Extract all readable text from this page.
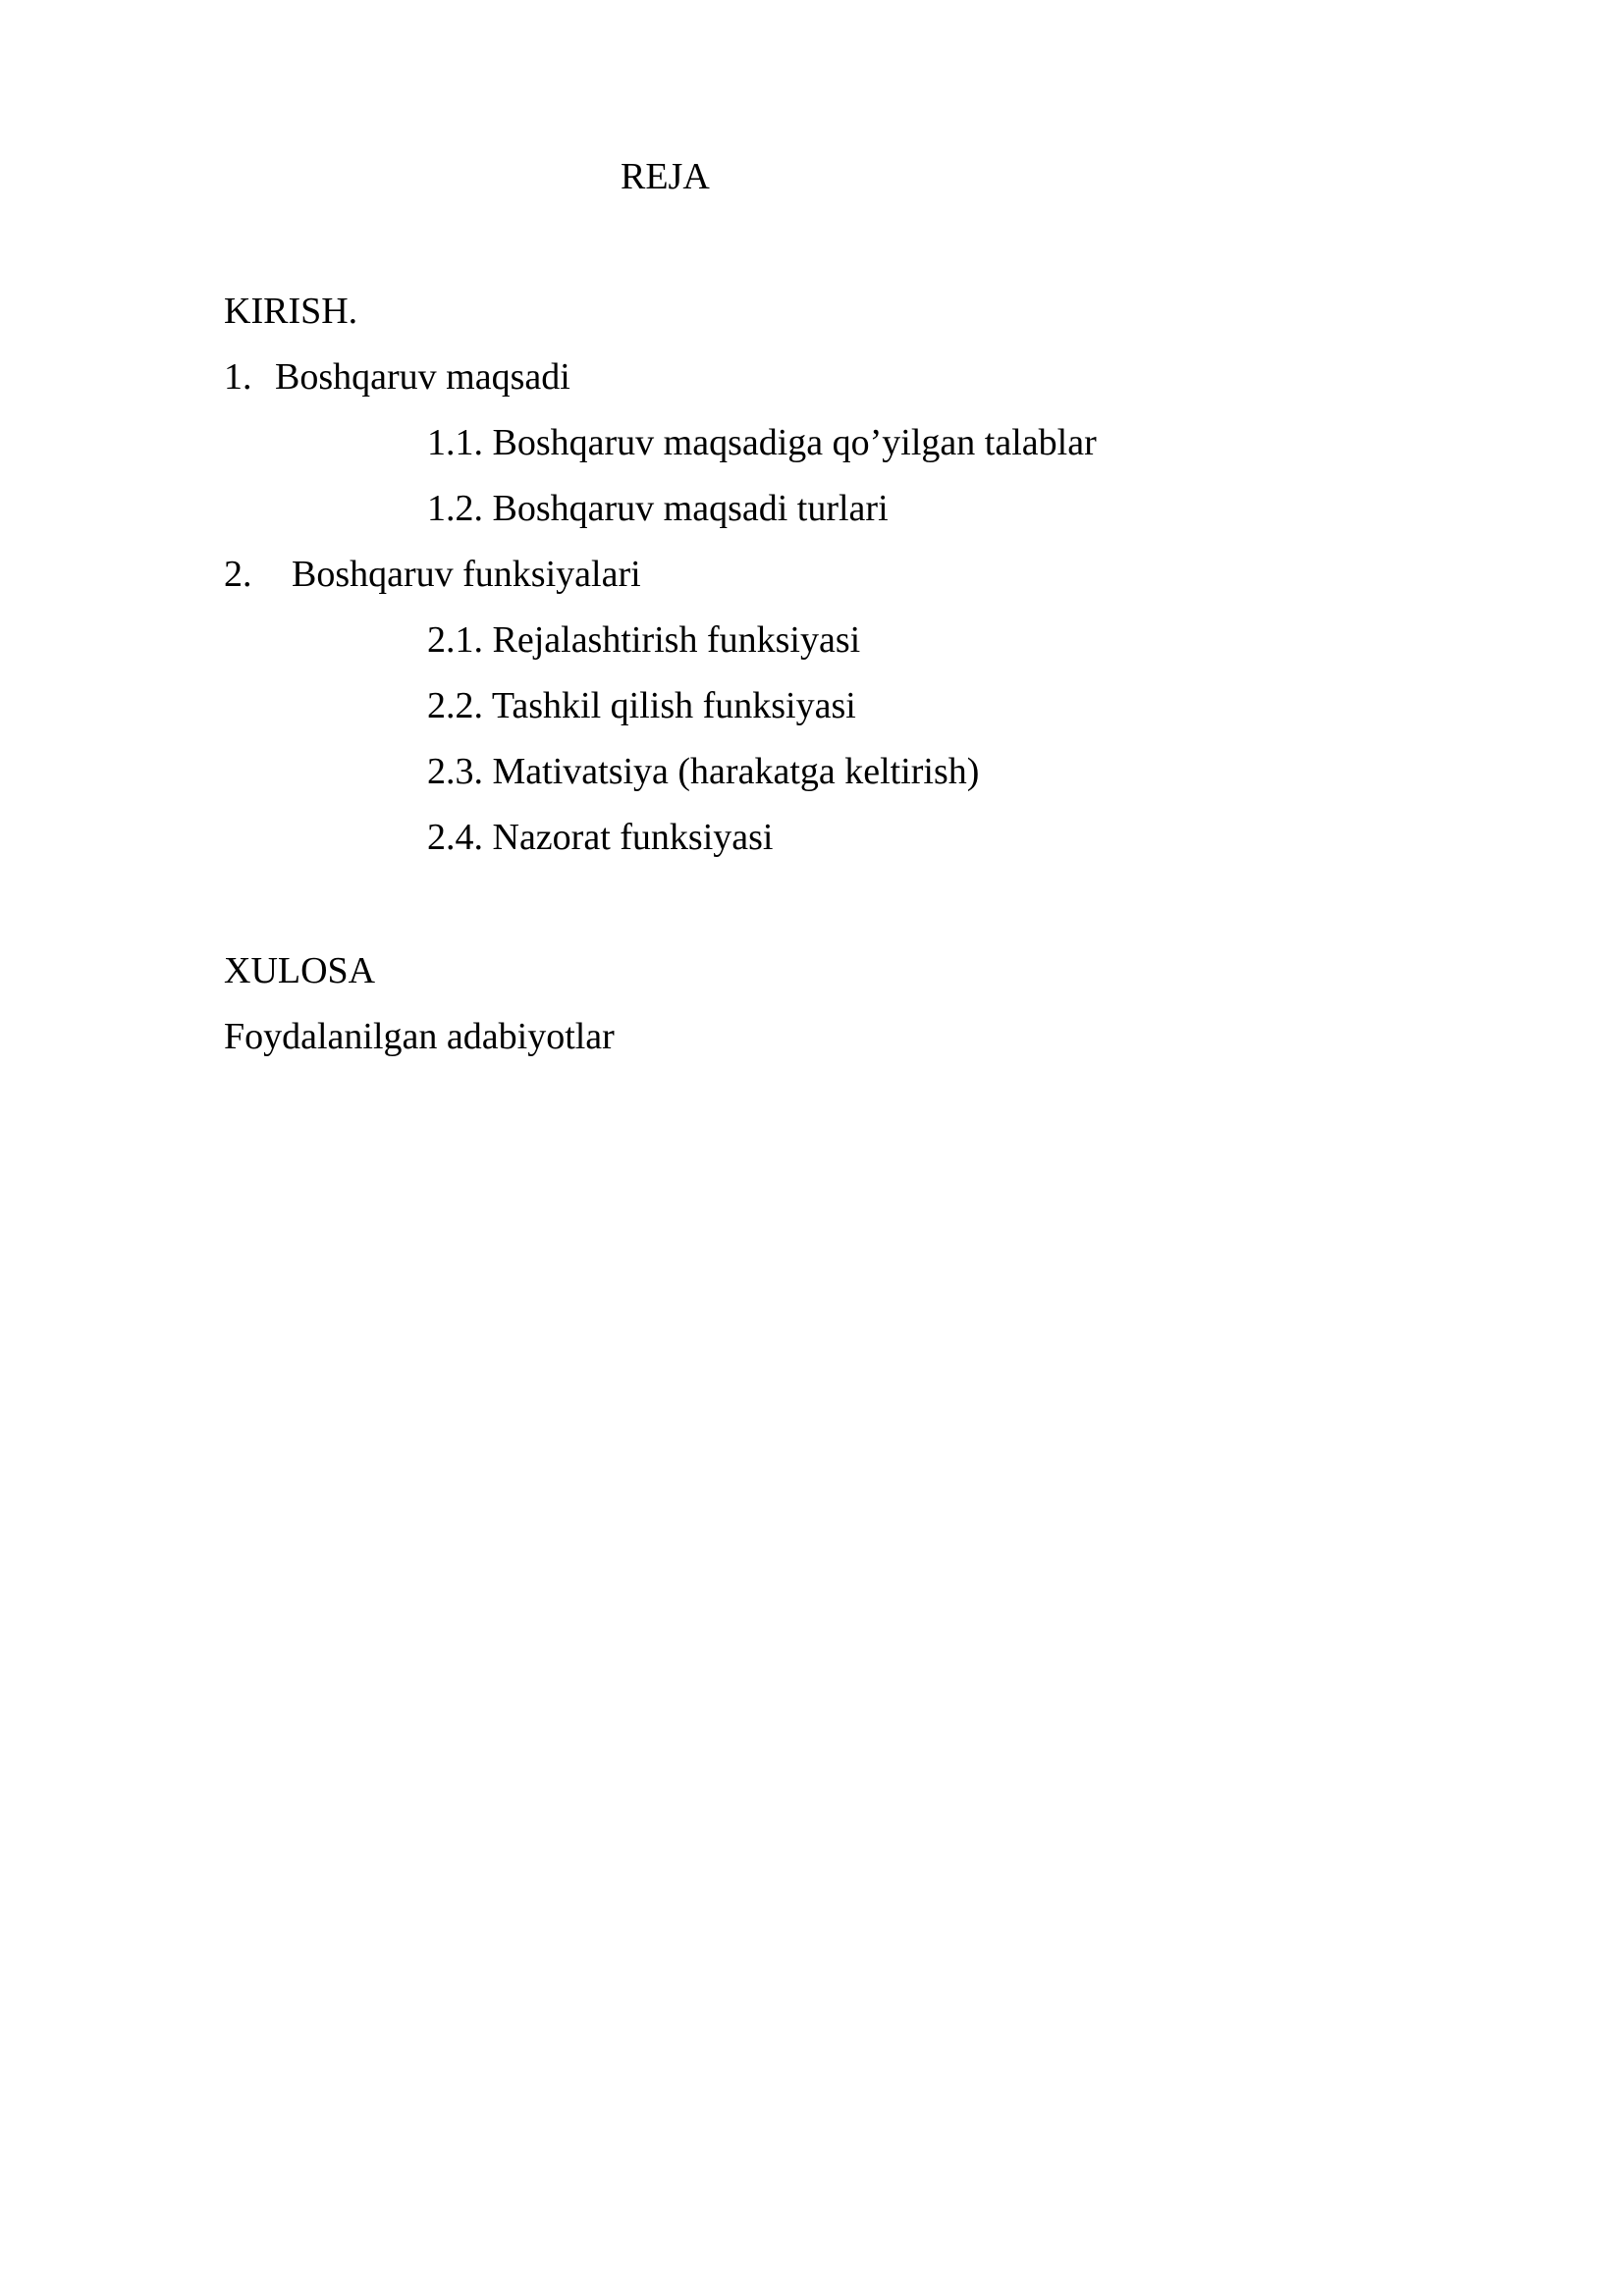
REJA
KIRISH.
1. Boshqaruv maqsadi
1.1. Boshqaruv maqsadiga qo’yilgan talablar
1.2. Boshqaruv maqsadi turlari
2. Boshqaruv funksiyalari
2.1. Rejalashtirish funksiyasi
2.2. Tashkil qilish funksiyasi
2.3. Mativatsiya (harakatga keltirish)
2.4. Nazorat funksiyasi
XULOSA
Foydalanilgan adabiyotlar
